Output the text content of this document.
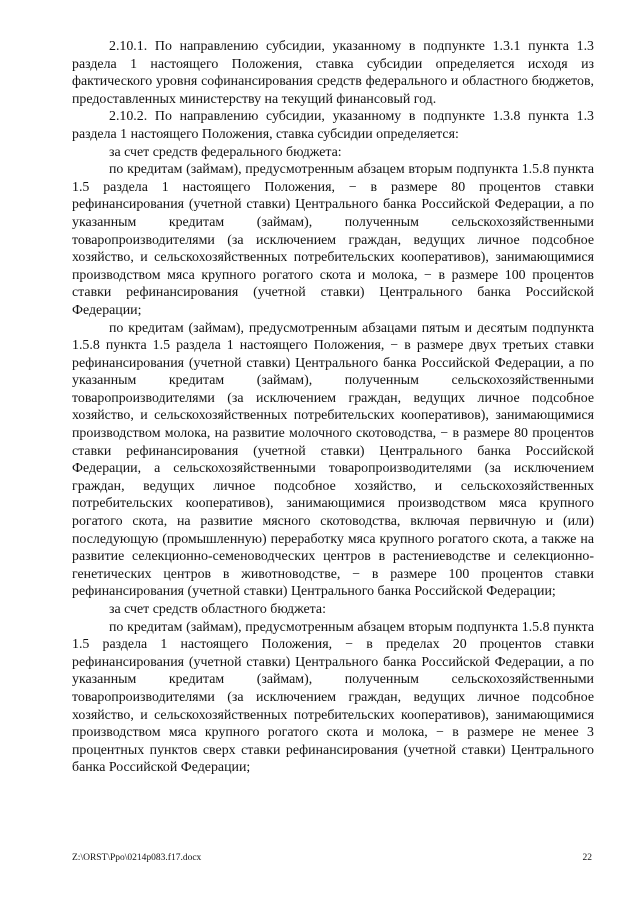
2.10.1. По направлению субсидии, указанному в подпункте 1.3.1 пункта 1.3 раздела 1 настоящего Положения, ставка субсидии определяется исходя из фактического уровня софинансирования средств федерального и областного бюджетов, предоставленных министерству на текущий финансовый год.

2.10.2. По направлению субсидии, указанному в подпункте 1.3.8 пункта 1.3 раздела 1 настоящего Положения, ставка субсидии определяется:

за счет средств федерального бюджета:

по кредитам (займам), предусмотренным абзацем вторым подпункта 1.5.8 пункта 1.5 раздела 1 настоящего Положения, − в размере 80 процентов ставки рефинансирования (учетной ставки) Центрального банка Российской Федерации, а по указанным кредитам (займам), полученным сельскохозяйственными товаропроизводителями (за исключением граждан, ведущих личное подсобное хозяйство, и сельскохозяйственных потребительских кооперативов), занимающимися производством мяса крупного рогатого скота и молока, − в размере 100 процентов ставки рефинансирования (учетной ставки) Центрального банка Российской Федерации;

по кредитам (займам), предусмотренным абзацами пятым и десятым подпункта 1.5.8 пункта 1.5 раздела 1 настоящего Положения, − в размере двух третьих ставки рефинансирования (учетной ставки) Центрального банка Российской Федерации, а по указанным кредитам (займам), полученным сельскохозяйственными товаропроизводителями (за исключением граждан, ведущих личное подсобное хозяйство, и сельскохозяйственных потребительских кооперативов), занимающимися производством молока, на развитие молочного скотоводства, − в размере 80 процентов ставки рефинансирования (учетной ставки) Центрального банка Российской Федерации, а сельскохозяйственными товаропроизводителями (за исключением граждан, ведущих личное подсобное хозяйство, и сельскохозяйственных потребительских кооперативов), занимающимися производством мяса крупного рогатого скота, на развитие мясного скотоводства, включая первичную и (или) последующую (промышленную) переработку мяса крупного рогатого скота, а также на развитие селекционно-семеноводческих центров в растениеводстве и селекционно-генетических центров в животноводстве, − в размере 100 процентов ставки рефинансирования (учетной ставки) Центрального банка Российской Федерации;

за счет средств областного бюджета:

по кредитам (займам), предусмотренным абзацем вторым подпункта 1.5.8 пункта 1.5 раздела 1 настоящего Положения, − в пределах 20 процентов ставки рефинансирования (учетной ставки) Центрального банка Российской Федерации, а по указанным кредитам (займам), полученным сельскохозяйственными товаропроизводителями (за исключением граждан, ведущих личное подсобное хозяйство, и сельскохозяйственных потребительских кооперативов), занимающимися производством мяса крупного рогатого скота и молока, − в размере не менее 3 процентных пунктов сверх ставки рефинансирования (учетной ставки) Центрального банка Российской Федерации;

Z:\ORST\Ppo\0214p083.f17.docx	22
